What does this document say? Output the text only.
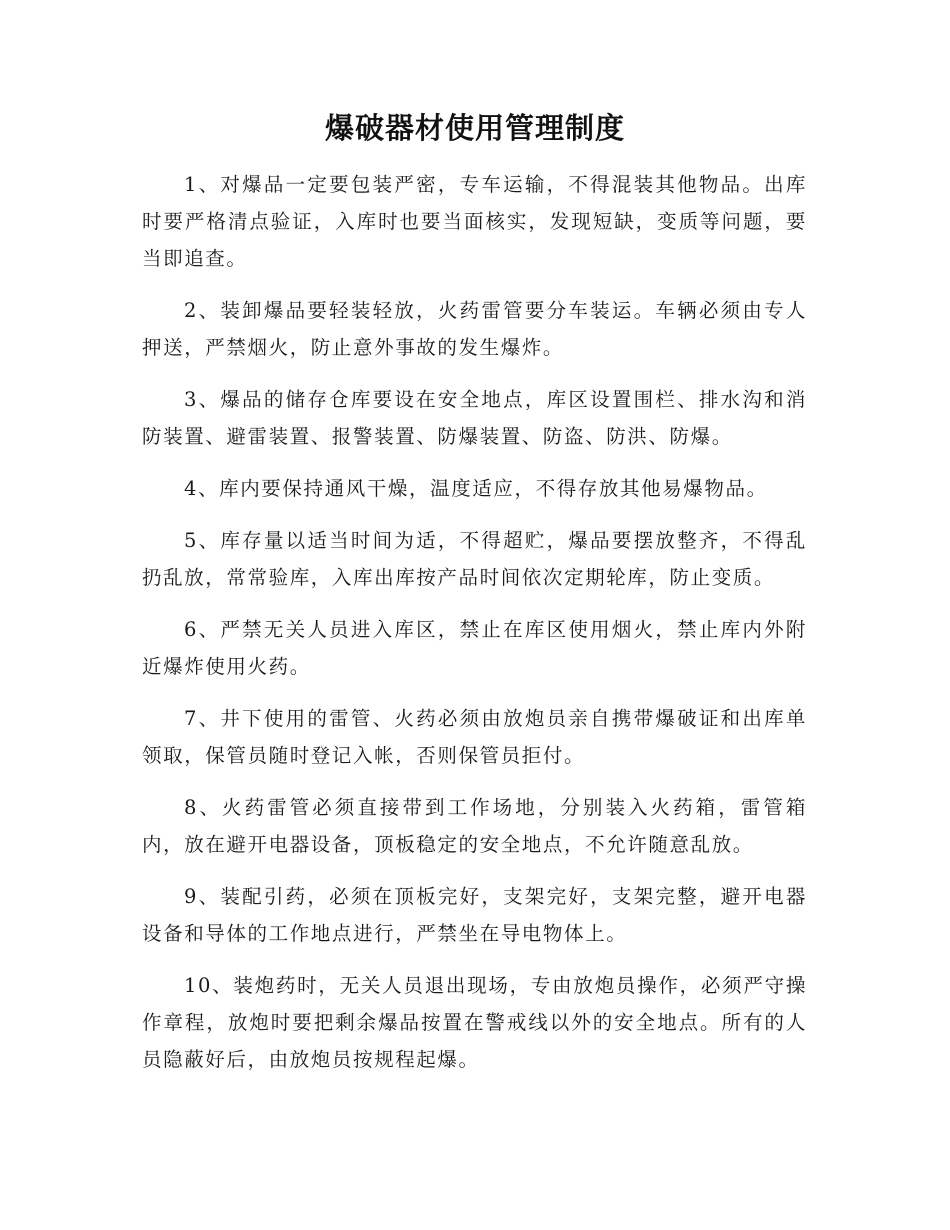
爆破器材使用管理制度

1、对爆品一定要包装严密，专车运输，不得混装其他物品。出库时要严格清点验证，入库时也要当面核实，发现短缺，变质等问题，要当即追查。

2、装卸爆品要轻装轻放，火药雷管要分车装运。车辆必须由专人押送，严禁烟火，防止意外事故的发生爆炸。

3、爆品的储存仓库要设在安全地点，库区设置围栏、排水沟和消防装置、避雷装置、报警装置、防爆装置、防盗、防洪、防爆。

4、库内要保持通风干燥，温度适应，不得存放其他易爆物品。

5、库存量以适当时间为适，不得超贮，爆品要摆放整齐，不得乱扔乱放，常常验库，入库出库按产品时间依次定期轮库，防止变质。

6、严禁无关人员进入库区，禁止在库区使用烟火，禁止库内外附近爆炸使用火药。

7、井下使用的雷管、火药必须由放炮员亲自携带爆破证和出库单领取，保管员随时登记入帐，否则保管员拒付。

8、火药雷管必须直接带到工作场地，分别装入火药箱，雷管箱内，放在避开电器设备，顶板稳定的安全地点，不允许随意乱放。

9、装配引药，必须在顶板完好，支架完好，支架完整，避开电器设备和导体的工作地点进行，严禁坐在导电物体上。

10、装炮药时，无关人员退出现场，专由放炮员操作，必须严守操作章程，放炮时要把剩余爆品按置在警戒线以外的安全地点。所有的人员隐蔽好后，由放炮员按规程起爆。
